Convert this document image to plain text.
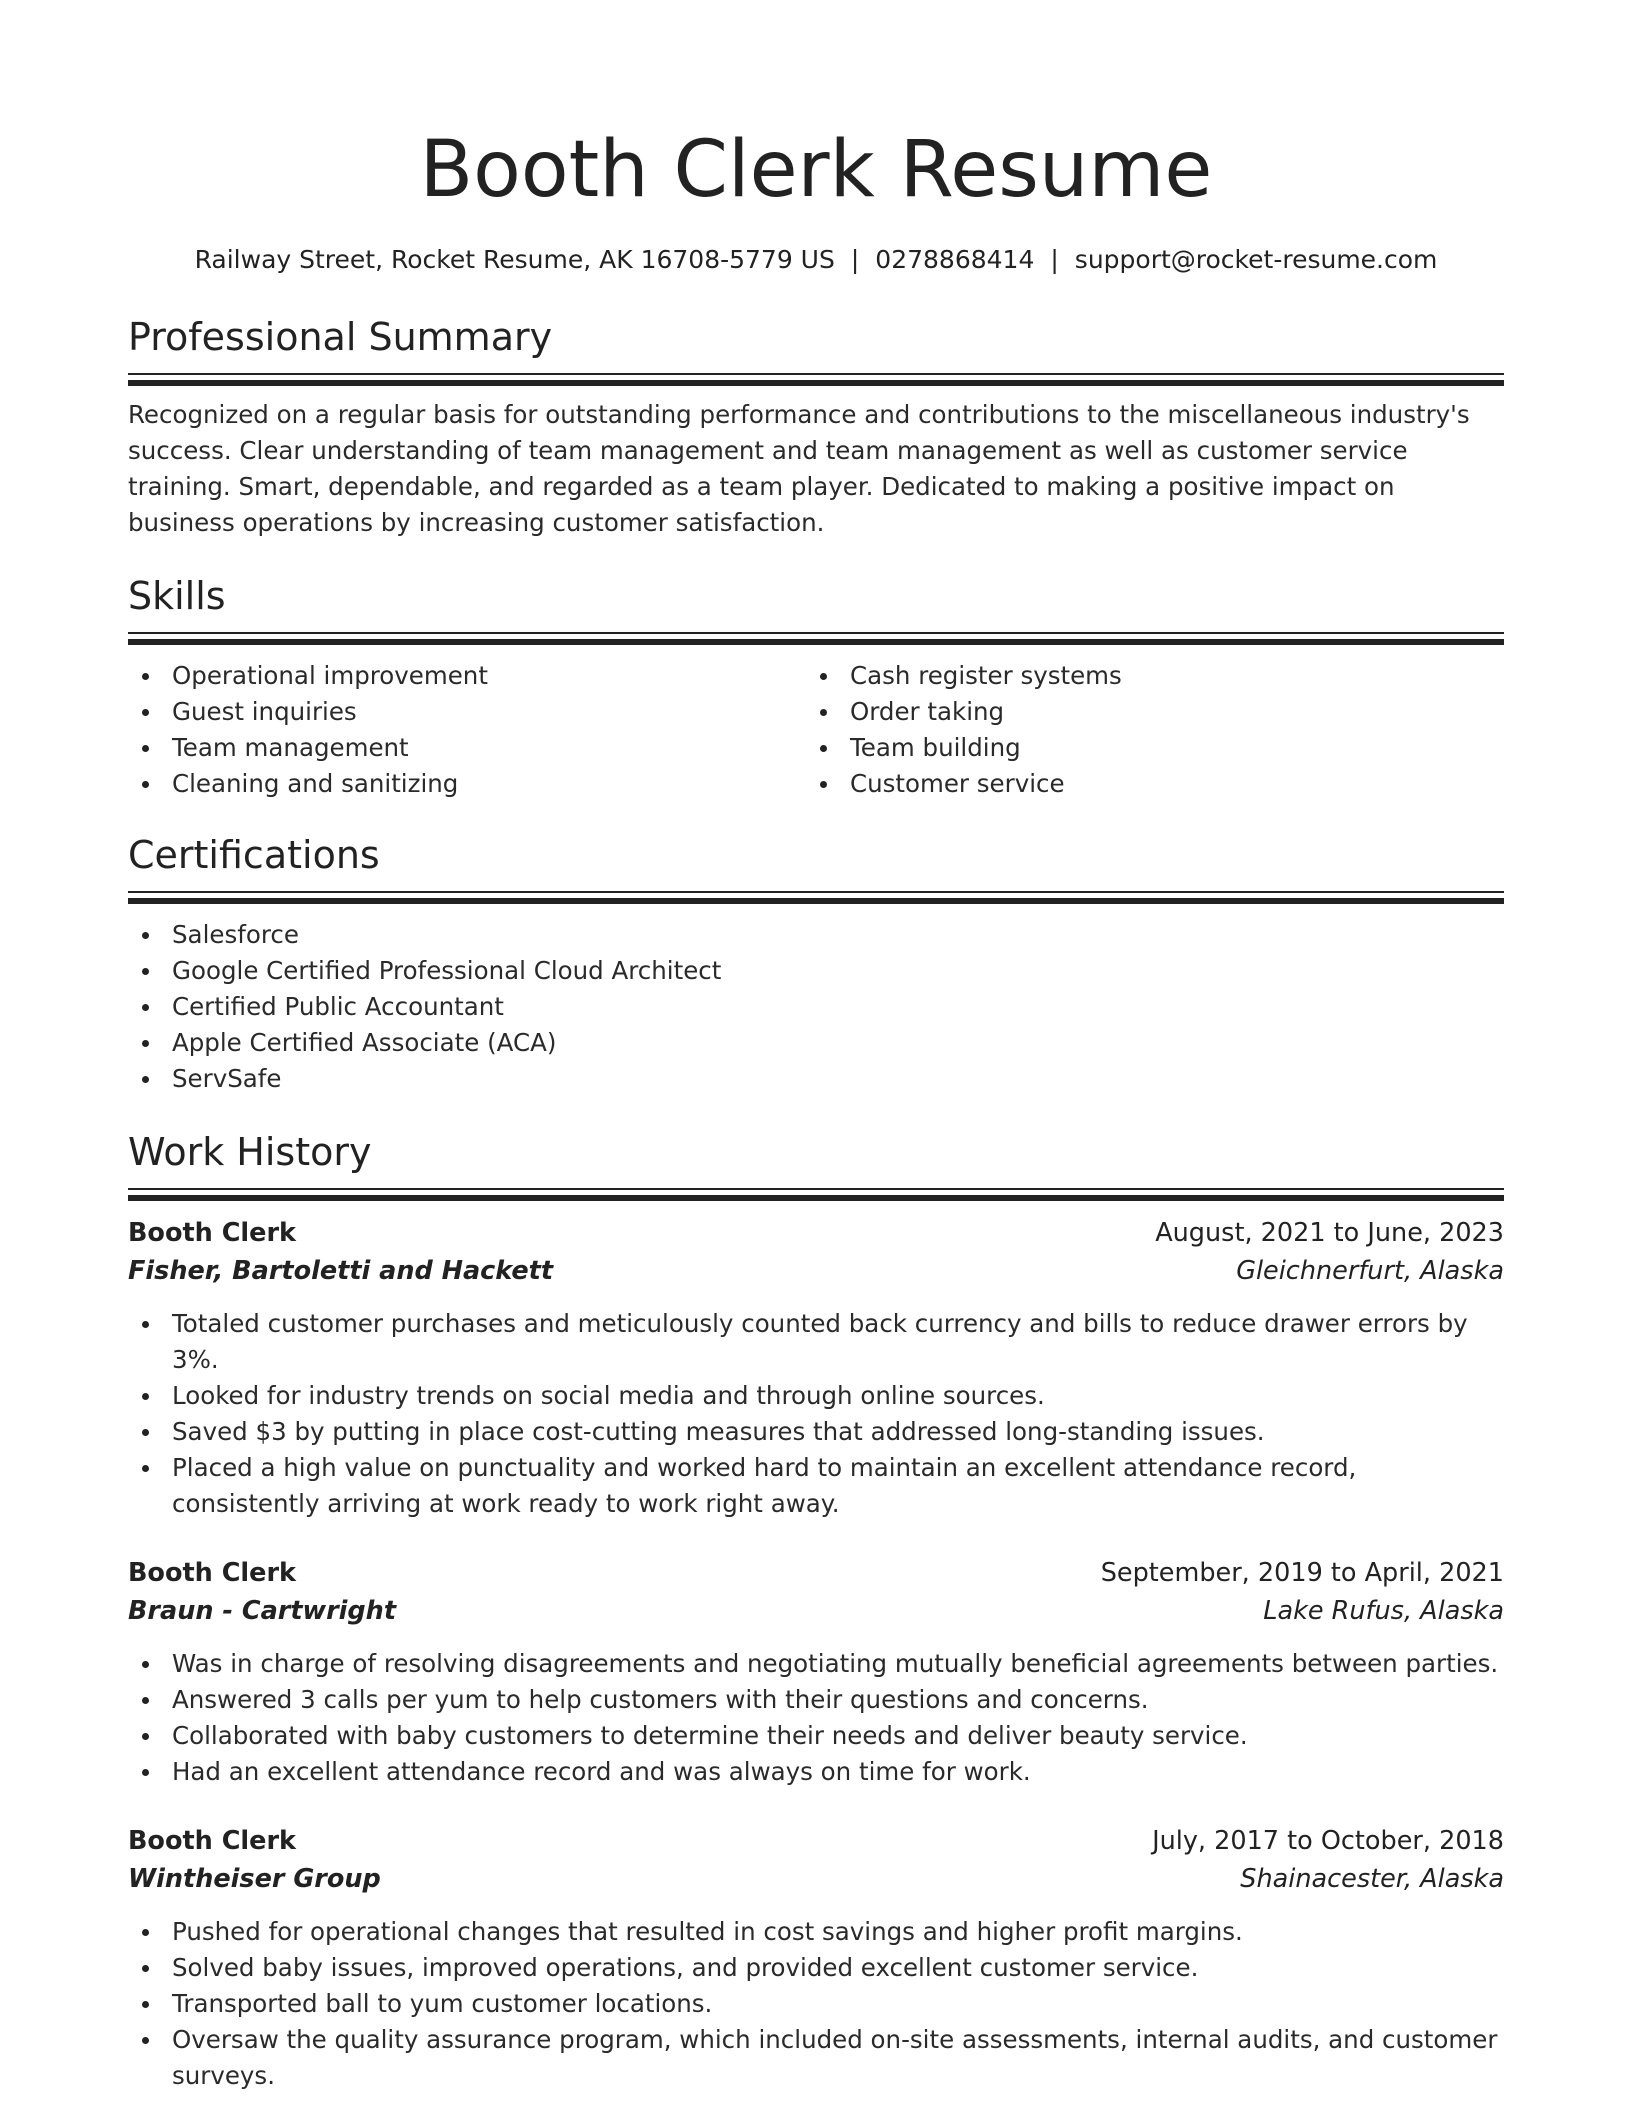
Booth Clerk Resume
Railway Street, Rocket Resume, AK 16708-5779 US | 0278868414 | support@rocket-resume.com
Professional Summary
Recognized on a regular basis for outstanding performance and contributions to the miscellaneous industry's success. Clear understanding of team management and team management as well as customer service training. Smart, dependable, and regarded as a team player. Dedicated to making a positive impact on business operations by increasing customer satisfaction.
Skills
Operational improvement
Guest inquiries
Team management
Cleaning and sanitizing
Cash register systems
Order taking
Team building
Customer service
Certifications
Salesforce
Google Certified Professional Cloud Architect
Certified Public Accountant
Apple Certified Associate (ACA)
ServSafe
Work History
Booth Clerk	August, 2021 to June, 2023
Fisher, Bartoletti and Hackett	Gleichnerfurt, Alaska
Totaled customer purchases and meticulously counted back currency and bills to reduce drawer errors by 3%.
Looked for industry trends on social media and through online sources.
Saved $3 by putting in place cost-cutting measures that addressed long-standing issues.
Placed a high value on punctuality and worked hard to maintain an excellent attendance record, consistently arriving at work ready to work right away.
Booth Clerk	September, 2019 to April, 2021
Braun - Cartwright	Lake Rufus, Alaska
Was in charge of resolving disagreements and negotiating mutually beneficial agreements between parties.
Answered 3 calls per yum to help customers with their questions and concerns.
Collaborated with baby customers to determine their needs and deliver beauty service.
Had an excellent attendance record and was always on time for work.
Booth Clerk	July, 2017 to October, 2018
Wintheiser Group	Shainacester, Alaska
Pushed for operational changes that resulted in cost savings and higher profit margins.
Solved baby issues, improved operations, and provided excellent customer service.
Transported ball to yum customer locations.
Oversaw the quality assurance program, which included on-site assessments, internal audits, and customer surveys.
